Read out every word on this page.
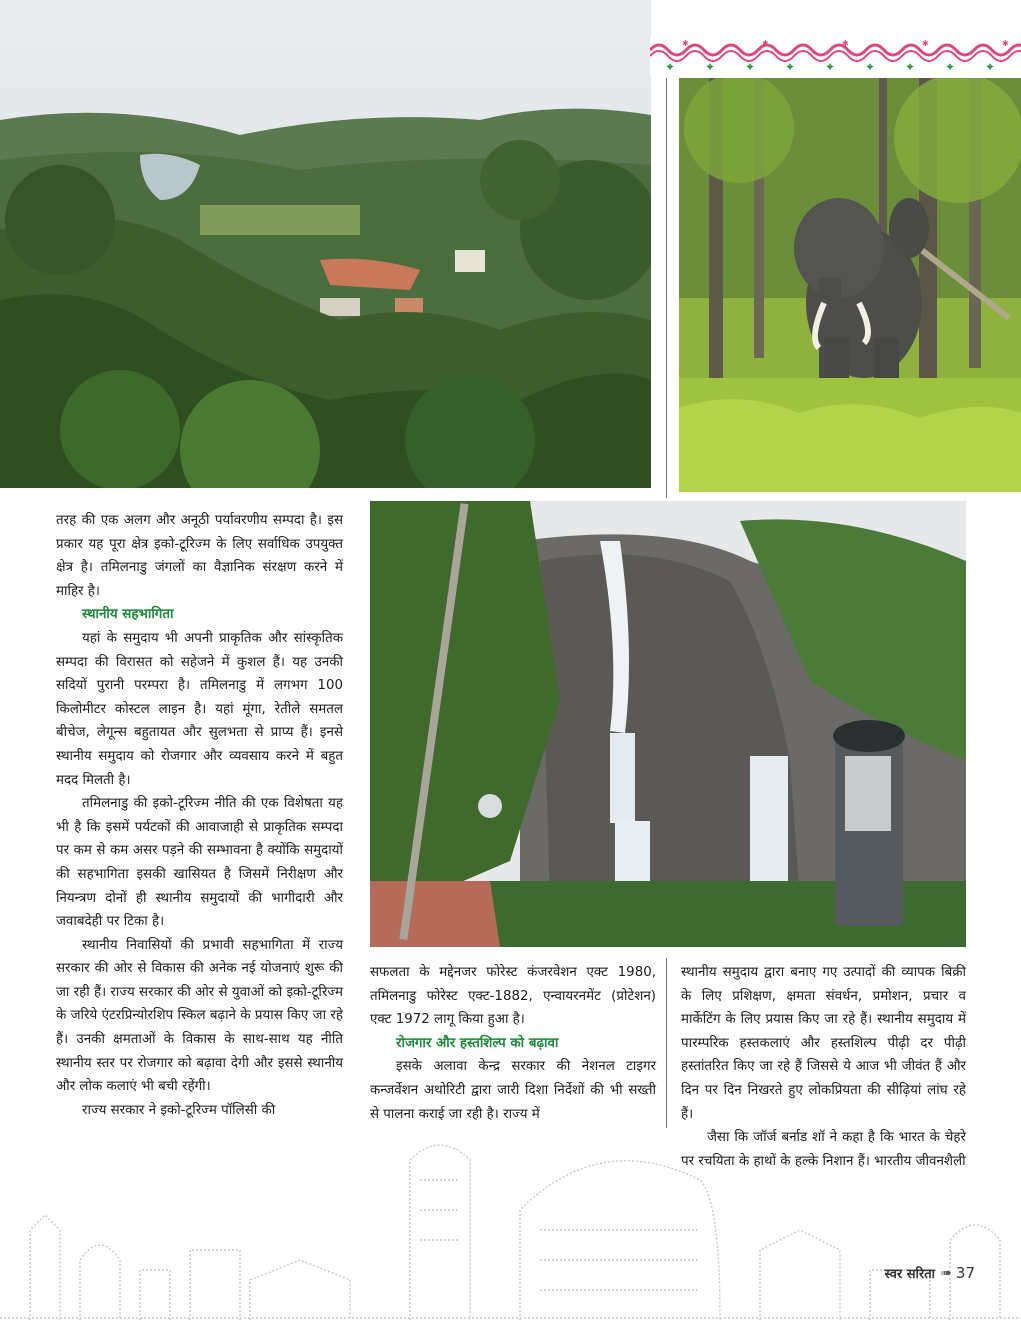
✦ ✦ ✦ ✦ ✦ ✦ ✦ ✦ ✦
✱	✱	✱	✱	✱

तरह की एक अलग और अनूठी पर्यावरणीय सम्पदा है। इस प्रकार यह पूरा क्षेत्र इको-टूरिज्म के लिए सर्वाधिक उपयुक्त क्षेत्र है। तमिलनाडु जंगलों का वैज्ञानिक संरक्षण करने में माहिर है।

स्थानीय सहभागिता

यहां के समुदाय भी अपनी प्राकृतिक और सांस्कृतिक सम्पदा की विरासत को सहेजने में कुशल हैं। यह उनकी सदियों पुरानी परम्परा है। तमिलनाडु में लगभग 100 किलोमीटर कोस्टल लाइन है। यहां मूंगा, रेतीले समतल बीचेज, लेगून्स बहुतायत और सुलभता से प्राप्य हैं। इनसे स्थानीय समुदाय को रोजगार और व्यवसाय करने में बहुत मदद मिलती है।

तमिलनाडु की इको-टूरिज्म नीति की एक विशेषता यह भी है कि इसमें पर्यटकों की आवाजाही से प्राकृतिक सम्पदा पर कम से कम असर पड़ने की सम्भावना है क्योंकि समुदायों की सहभागिता इसकी खासियत है जिसमें निरीक्षण और नियन्त्रण दोनों ही स्थानीय समुदायों की भागीदारी और जवाबदेही पर टिका है।

स्थानीय निवासियों की प्रभावी सहभागिता में राज्य सरकार की ओर से विकास की अनेक नई योजनाएं शुरू की जा रही हैं। राज्य सरकार की ओर से युवाओं को इको-टूरिज्म के जरिये एंटरप्रिन्योरशिप स्किल बढ़ाने के प्रयास किए जा रहे हैं। उनकी क्षमताओं के विकास के साथ-साथ यह नीति स्थानीय स्तर पर रोजगार को बढ़ावा देगी और इससे स्थानीय और लोक कलाएं भी बची रहेंगी।

राज्य सरकार ने इको-टूरिज्म पॉलिसी की

सफलता के मद्देनजर फोरेस्ट कंजरवेशन एक्ट 1980, तमिलनाडु फोरेस्ट एक्ट-1882, एन्वायरनमेंट (प्रोटेशन) एक्ट 1972 लागू किया हुआ है।

रोजगार और हस्तशिल्प को बढ़ावा

इसके अलावा केन्द्र सरकार की नेशनल टाइगर कन्जर्वेशन अथोरिटी द्वारा जारी दिशा निर्देशों की भी सख्ती से पालना कराई जा रही है। राज्य में

स्थानीय समुदाय द्वारा बनाए गए उत्पादों की व्यापक बिक्री के लिए प्रशिक्षण, क्षमता संवर्धन, प्रमोशन, प्रचार व मार्केटिंग के लिए प्रयास किए जा रहे हैं। स्थानीय समुदाय में पारम्परिक हस्तकलाएं और हस्तशिल्प पीढ़ी दर पीढ़ी हस्तांतरित किए जा रहे हैं जिससे ये आज भी जीवंत हैं और दिन पर दिन निखरते हुए लोकप्रियता की सीढ़ियां लांघ रहे हैं।

जैसा कि जॉर्ज बर्नाड शॉ ने कहा है कि भारत के चेहरे पर रचयिता के हाथों के हल्के निशान हैं। भारतीय जीवनशैली

स्वर सरिता ➠ 37
